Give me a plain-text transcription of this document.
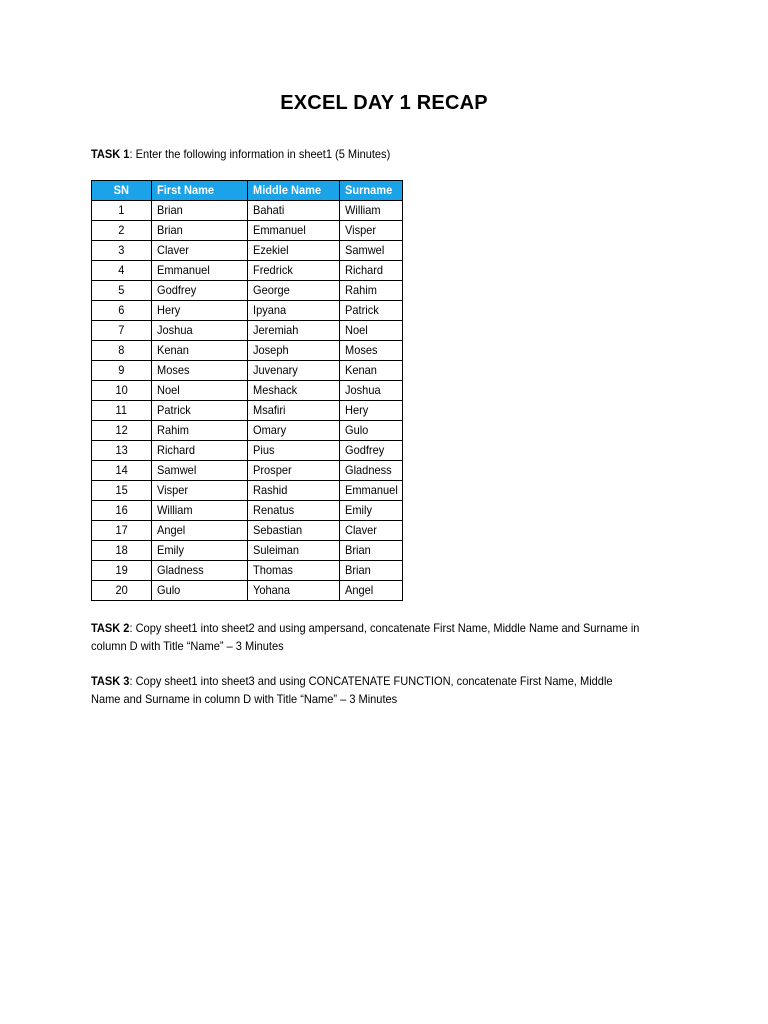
EXCEL DAY 1 RECAP
TASK 1: Enter the following information in sheet1 (5 Minutes)
SN	First Name	Middle Name	Surname
1	Brian	Bahati	William
2	Brian	Emmanuel	Visper
3	Claver	Ezekiel	Samwel
4	Emmanuel	Fredrick	Richard
5	Godfrey	George	Rahim
6	Hery	Ipyana	Patrick
7	Joshua	Jeremiah	Noel
8	Kenan	Joseph	Moses
9	Moses	Juvenary	Kenan
10	Noel	Meshack	Joshua
11	Patrick	Msafiri	Hery
12	Rahim	Omary	Gulo
13	Richard	Pius	Godfrey
14	Samwel	Prosper	Gladness
15	Visper	Rashid	Emmanuel
16	William	Renatus	Emily
17	Angel	Sebastian	Claver
18	Emily	Suleiman	Brian
19	Gladness	Thomas	Brian
20	Gulo	Yohana	Angel
TASK 2: Copy sheet1 into sheet2 and using ampersand, concatenate First Name, Middle Name and Surname in column D with Title “Name” – 3 Minutes
TASK 3: Copy sheet1 into sheet3 and using CONCATENATE FUNCTION, concatenate First Name, Middle Name and Surname in column D with Title “Name” – 3 Minutes
